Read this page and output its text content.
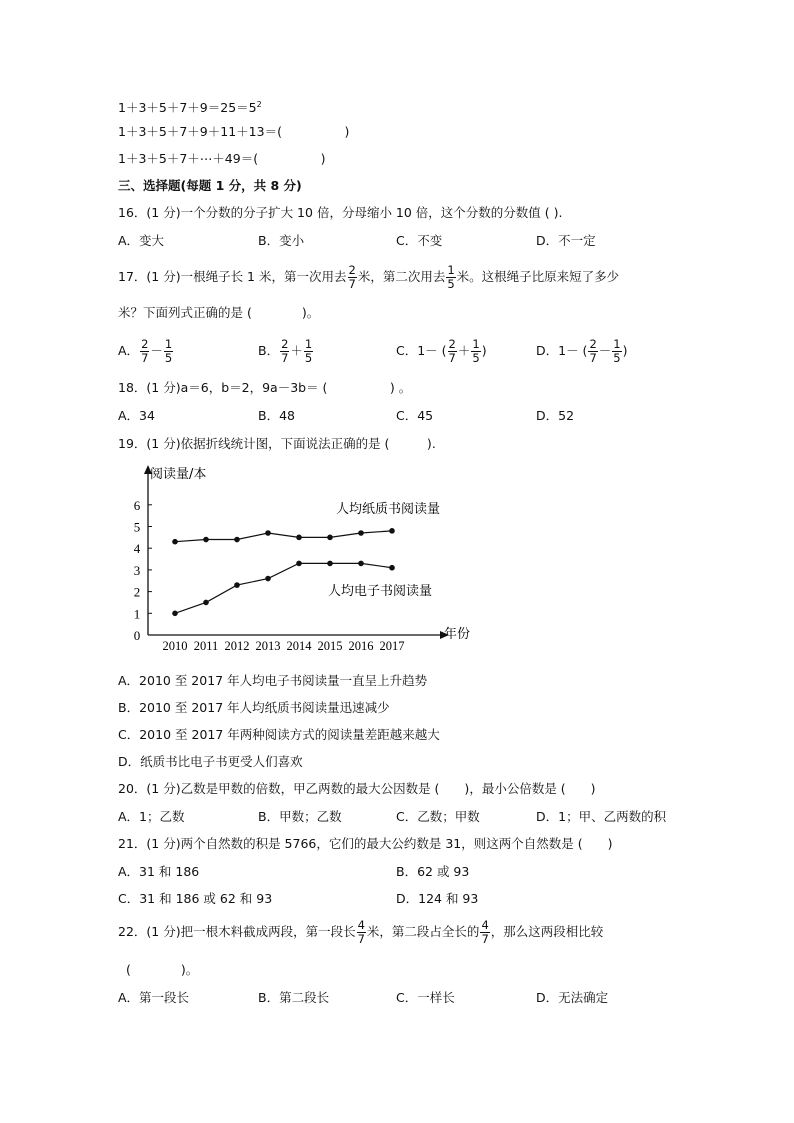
$1+3+5+7+9=25=5^2$
1＋3＋5＋7＋9＋11＋13＝(　　　　　)
1＋3＋5＋7＋⋯＋49＝(　　　　　)
三、选择题(每题 1 分，共 8 分)
16．(1 分)一个分数的分子扩大 10 倍，分母缩小 10 倍，这个分数的分数值 ( ).
A．变大	B．变小	C．不变	D．不一定
17．(1 分)一根绳子长 1 米，第一次用去 $\frac{2}{7}$ 米，第二次用去 $\frac{1}{5}$ 米。这根绳子比原来短了多少
米？下面列式正确的是 (　　　　)。
A． $\frac{2}{7} - \frac{1}{5}$	B． $\frac{2}{7} + \frac{1}{5}$	C．1－ ( $\frac{2}{7} + \frac{1}{5}$ )	D．1－ ( $\frac{2}{7} - \frac{1}{5}$ )
18．(1 分)a＝6，b＝2，9a－3b＝ (　　　　　) 。
A．34	B．48	C．45	D．52
19．(1 分)依据折线统计图，下面说法正确的是 (　　　).
0
1
2
3
4
5
6
2010 2011 2012 2013 2014 2015 2016 2017
阅读量/本
年份
人均纸质书阅读量
人均电子书阅读量
A．2010 至 2017 年人均电子书阅读量一直呈上升趋势
B．2010 至 2017 年人均纸质书阅读量迅速减少
C．2010 至 2017 年两种阅读方式的阅读量差距越来越大
D．纸质书比电子书更受人们喜欢
20．(1 分)乙数是甲数的倍数，甲乙两数的最大公因数是 (　　)，最小公倍数是 (　　)
A．1；乙数	B．甲数；乙数	C．乙数；甲数	D．1；甲、乙两数的积
21．(1 分)两个自然数的积是 5766，它们的最大公约数是 31，则这两个自然数是 (　　)
A．31 和 186	B．62 或 93
C．31 和 186 或 62 和 93	D．124 和 93
22．(1 分)把一根木料截成两段，第一段长 $\frac{4}{7}$ 米，第二段占全长的 $\frac{4}{7}$ ，那么这两段相比较
(　　　　)。
A．第一段长	B．第二段长	C．一样长	D．无法确定
